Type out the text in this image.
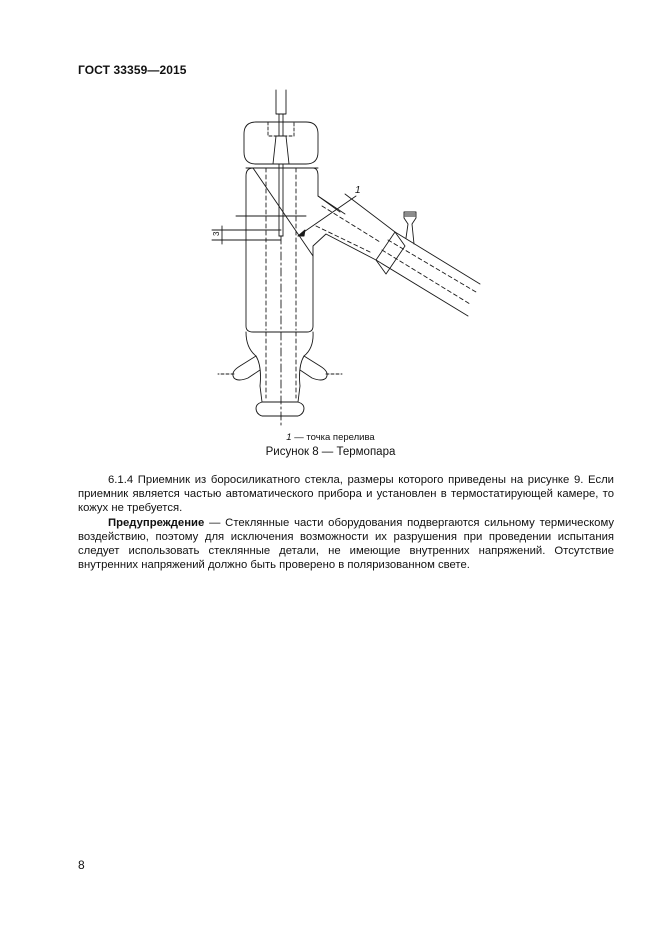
ГОСТ 33359—2015
1
3
1 — точка перелива
Рисунок 8 — Термопара

6.1.4 Приемник из боросиликатного стекла, размеры которого приведены на рисунке 9. Если приемник является частью автоматического прибора и установлен в термостатирующей камере, то кожух не требуется.

Предупреждение — Стеклянные части оборудования подвергаются сильному термическому воздействию, поэтому для исключения возможности их разрушения при проведении испытания следует использовать стеклянные детали, не имеющие внутренних напряжений. Отсутствие внутренних напряжений должно быть проверено в поляризованном свете.

8
